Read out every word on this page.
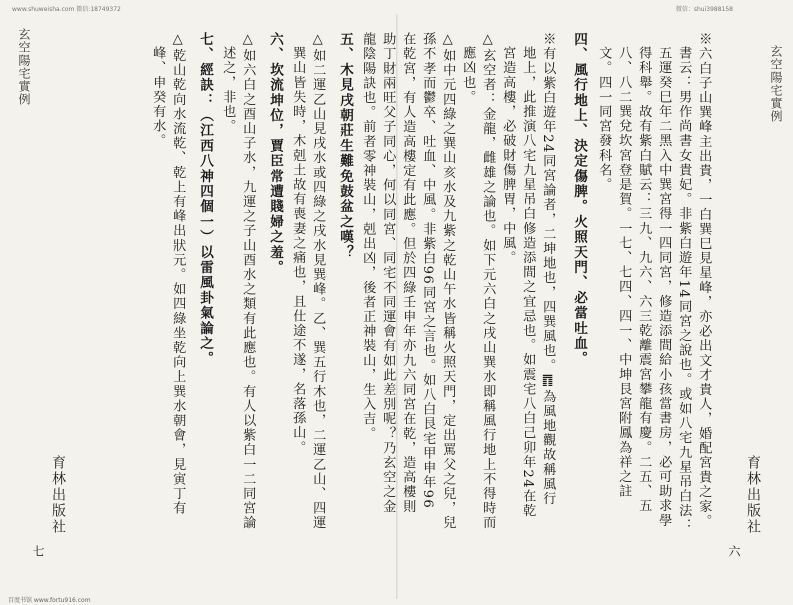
www.shuweisha.com 微信:18749372	微信：shui3988158
玄空陽宅實例
育林出版社
六
※六白子山巽峰主出貴，一白巽巳見星峰，亦必出文才貴人，婚配宮貴之家。
書云：男作尚書女貴妃。非紫白遊年14同宮之說也。或如八宅九星吊白法：
五運癸巳年二黑入中巽宮得一四同宮，修造添間給小孩當書房，必可助求學
得科舉。故有紫白賦云：三九、九六、六三乾離震宮攀龍有慶。二五、五
八、八二巽兌坎宮登是賀。一七、七四、四一、中坤艮宮附鳳為祥之註
文。四一同宮發科名。
四、風行地上、決定傷脾。火照天門、必當吐血。
※有以紫白遊年24同宮論者，二坤地也，四巽風也。䷓為風地觀故稱風行
地上，此推演八宅九星吊白修造添間之宜忌也。如震宅八白己卯年24在乾
宮造高樓，必破財傷脾胃，中風。
△玄空者：金龍，雌雄之論也。如下元六白之戌山巽水即稱風行地上不得時而
應凶也。
△如中元四綠之巽山亥水及九紫之乾山午水皆稱火照天門，定出罵父之兒，兒
孫不孝而鬱卒、吐血、中風。非紫白96同宮之言也。如八白艮宅甲申年96
在乾宮，有人造高樓定有此應。但於四綠壬申年亦九六同宮在乾，造高樓則
助丁財兩旺父子同心，何以同宮、同宅不同運會有如此差別呢？乃玄空之金
龍陰陽訣也。前者零神裝山，剋出凶，後者正神裝山，生入吉。
五、木見戌朝莊生難免鼓盆之嘆？
△如二運乙山見戌水或四綠之戌水見巽峰。乙、巽五行木也，二運乙山、四運
巽山皆失時，木剋土故有喪妻之痛也，且仕途不遂，名落孫山。
六、坎流坤位，賈臣常遭賤婦之羞。
△如六白之酉山子水，九運之子山酉水之類有此應也。有人以紫白一二同宮論
述之，非也。
七、經訣：（江西八神四個一）以雷風卦氣論之。
△乾山乾向水流乾、乾上有峰出狀元。如四綠坐乾向上巽水朝會，見寅丁有
峰、申癸有水。
玄空陽宅實例
育林出版社
七
百度书馆 www.fortu916.com
